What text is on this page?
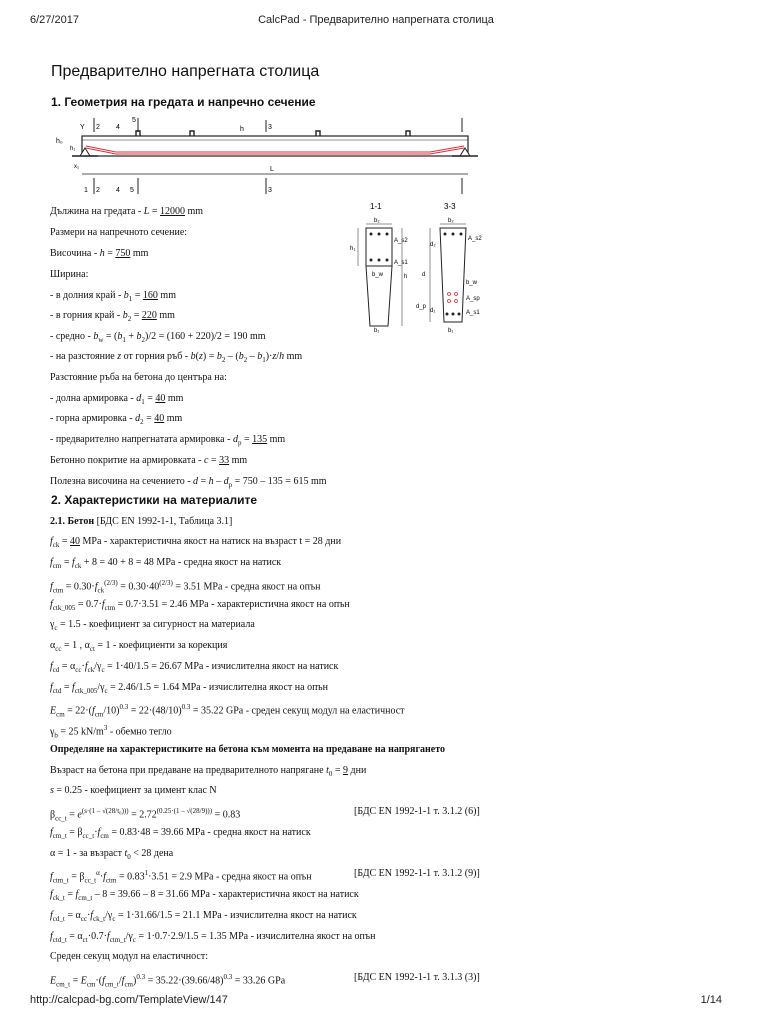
6/27/2017	CalcPad - Предварително напрегната столица
Предварително напрегната столица
1. Геометрия на гредата и напречно сечение
Y 2 4
5
h	3
h₀
h₁
x₁	L
1 2 4 5	3
1-1
b₂
A_s2
A_s1
h₁
b_w
b₁
h
3-3
b₂
A_s2
d₂
d
b_w
d_p
d₁
A_sp
A_s1
b₁
Дължина на гредата - L = 12000 mm
Размери на напречното сечение:
Височина - h = 750 mm
Ширина:
- в долния край - $b_1 = 160$ mm
- в горния край - $b_2 = 220$ mm
- средно - $b_w = (b_1 + b_2)/2 = (160 + 220)/2 = 190$ mm
- на разстояние z от горния ръб - $b(z) = b_2 - (b_2 - b_1)\cdot z/h$ mm
Разстояние ръба на бетона до центъра на:
- долна армировка - $d_1 = 40$ mm
- горна армировка - $d_2 = 40$ mm
- предварително напрегнатата армировка - $d_p = 135$ mm
Бетонно покритие на армировката - c = 33 mm
Полезна височина на сечението - $d = h - d_p = 750 - 135 = 615$ mm
2. Характеристики на материалите
2.1. Бетон [БДС EN 1992-1-1, Таблица 3.1]
$f_{ck} = 40$ MPa - характеристична якост на натиск на възраст t = 28 дни
$f_{cm} = f_{ck} + 8 = 40 + 8 = 48$ MPa - средна якост на натиск
$f_{ctm} = 0.30\cdot f_{ck}^{(2/3)} = 0.30\cdot 40^{(2/3)} = 3.51$ MPa - средна якост на опън
$f_{ctk\_005} = 0.7\cdot f_{ctm} = 0.7\cdot 3.51 = 2.46$ MPa - характеристична якост на опън
$\gamma_c = 1.5$ - коефициент за сигурност на материала
$\alpha_{cc} = 1$ , $\alpha_{ct} = 1$ - коефициенти за корекция
$f_{cd} = \alpha_{cc}\cdot f_{ck}/\gamma_c = 1\cdot 40/1.5 = 26.67$ MPa - изчислителна якост на натиск
$f_{ctd} = f_{ctk\_005}/\gamma_c = 2.46/1.5 = 1.64$ MPa - изчислителна якост на опън
$E_{cm} = 22\cdot(f_{cm}/10)^{0.3} = 22\cdot(48/10)^{0.3} = 35.22$ GPa - среден секущ модул на еластичност
$\gamma_b = 25$ $kN/m^3$ - обемно тегло
Определяне на характеристиките на бетона към момента на предаване на напрягането
Възраст на бетона при предаване на предварителното напрягане $t_0 = 9$ дни
s = 0.25 - коефициент за цимент клас N
$\beta_{cc\_t} = e^{(s\cdot(1 - √(28/t_0)))} = 2.72^{(0.25\cdot(1 - √(28/9)))} = 0.83$	[БДС EN 1992-1-1 т. 3.1.2 (6)]
$f_{cm\_t} = \beta_{cc\_t}\cdot f_{cm} = 0.83\cdot 48 = 39.66$ MPa - средна якост на натиск
α = 1 - за възраст $t_0 < 28$ дена
$f_{ctm\_t} = \beta_{cc\_t}^\alpha\cdot f_{ctm} = 0.83^1\cdot 3.51 = 2.9$ MPa - средна якост на опън	[БДС EN 1992-1-1 т. 3.1.2 (9)]
$f_{ck\_t} = f_{cm\_t} - 8 = 39.66 - 8 = 31.66$ MPa - характеристична якост на натиск
$f_{cd\_t} = \alpha_{cc}\cdot f_{ck\_t}/\gamma_c = 1\cdot 31.66/1.5 = 21.1$ MPa - изчислителна якост на натиск
$f_{ctd\_t} = \alpha_{ct}\cdot 0.7\cdot f_{ctm\_t}/\gamma_c = 1\cdot 0.7\cdot 2.9/1.5 = 1.35$ MPa - изчислителна якост на опън
Среден секущ модул на еластичност:
$E_{cm\_t} = E_{cm}\cdot(f_{cm\_t}/f_{cm})^{0.3} = 35.22\cdot(39.66/48)^{0.3} = 33.26$ GPa	[БДС EN 1992-1-1 т. 3.1.3 (3)]
http://calcpad-bg.com/TemplateView/147	1/14
